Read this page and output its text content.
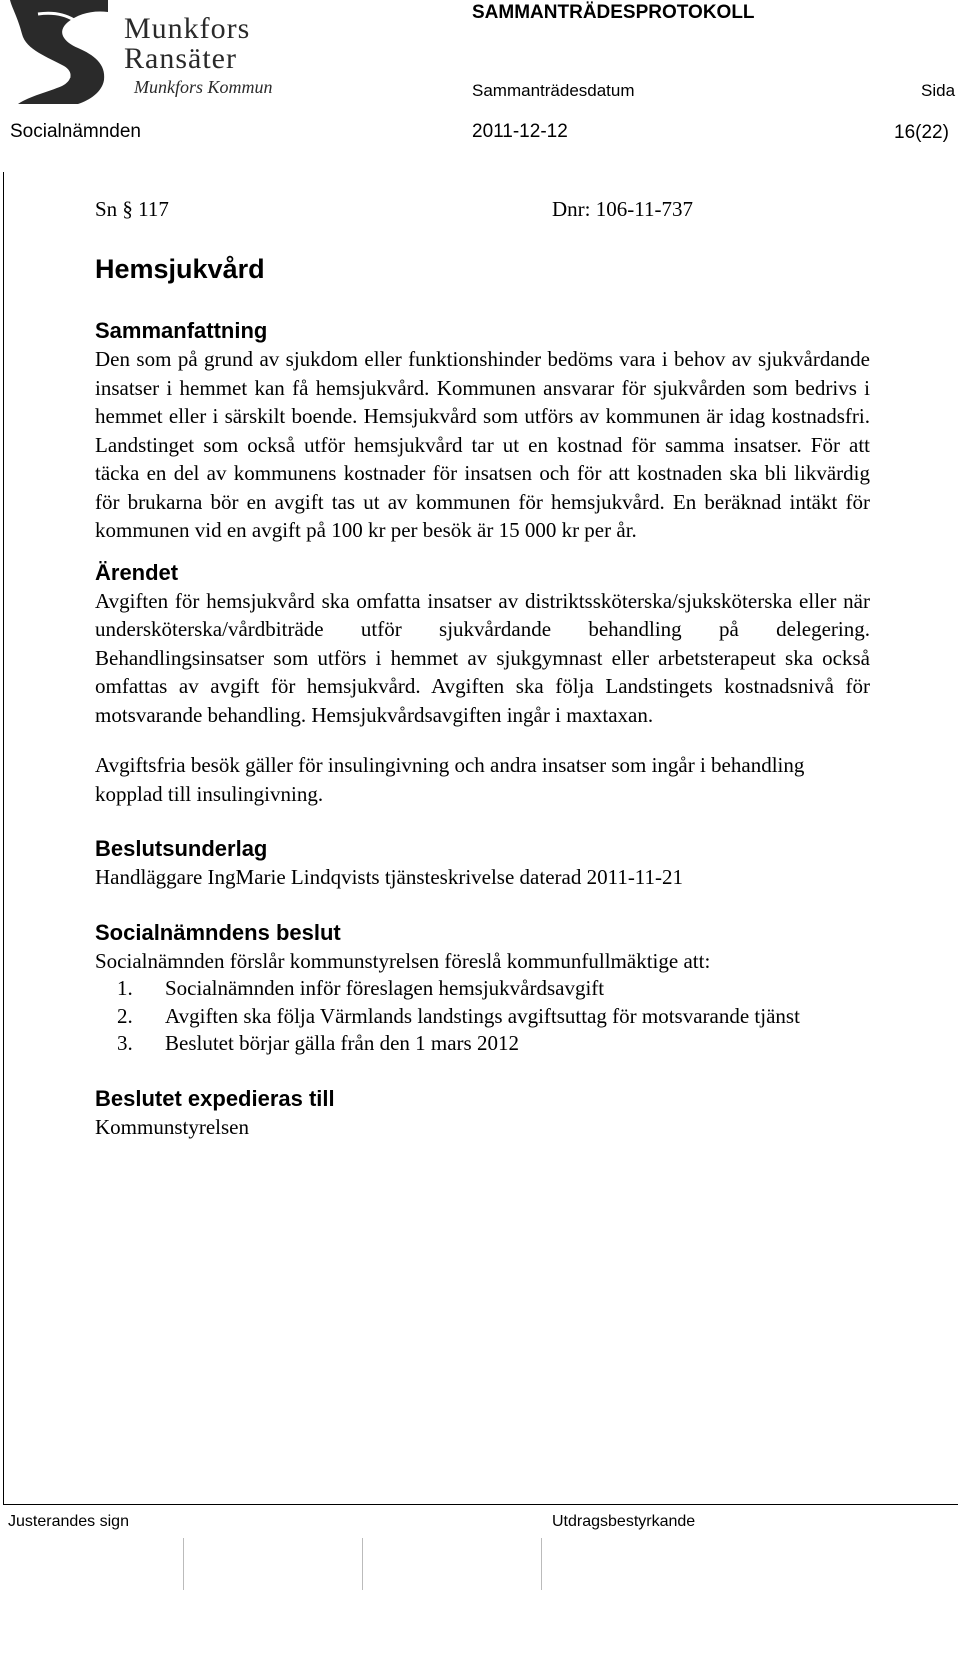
Munkfors
Ransäter
Munkfors Kommun
SAMMANTRÄDESPROTOKOLL
Sammanträdesdatum	Sida
Socialnämnden	2011-12-12	16(22)
Sn § 117	Dnr: 106-11-737
Hemsjukvård
Sammanfattning

Den som på grund av sjukdom eller funktionshinder bedöms vara i behov av sjukvårdande insatser i hemmet kan få hemsjukvård. Kommunen ansvarar för sjukvården som bedrivs i hemmet eller i särskilt boende. Hemsjukvård som utförs av kommunen är idag kostnadsfri. Landstinget som också utför hemsjukvård tar ut en kostnad för samma insatser. För att täcka en del av kommunens kostnader för insatsen och för att kostnaden ska bli likvärdig för brukarna bör en avgift tas ut av kommunen för hemsjukvård. En beräknad intäkt för kommunen vid en avgift på 100 kr per besök är 15 000 kr per år.

Ärendet

Avgiften för hemsjukvård ska omfatta insatser av distriktssköterska/sjuksköterska eller när undersköterska/vårdbiträde utför sjukvårdande behandling på delegering. Behandlingsinsatser som utförs i hemmet av sjukgymnast eller arbetsterapeut ska också omfattas av avgift för hemsjukvård. Avgiften ska följa Landstingets kostnadsnivå för motsvarande behandling. Hemsjukvårdsavgiften ingår i maxtaxan.

Avgiftsfria besök gäller för insulingivning och andra insatser som ingår i behandling kopplad till insulingivning.

Beslutsunderlag

Handläggare IngMarie Lindqvists tjänsteskrivelse daterad 2011-11-21

Socialnämndens beslut

Socialnämnden förslår kommunstyrelsen föreslå kommunfullmäktige att:

1.	Socialnämnden inför föreslagen hemsjukvårdsavgift
2.	Avgiften ska följa Värmlands landstings avgiftsuttag för motsvarande tjänst
3.	Beslutet börjar gälla från den 1 mars 2012
Beslutet expedieras till

Kommunstyrelsen

Justerandes sign	Utdragsbestyrkande
